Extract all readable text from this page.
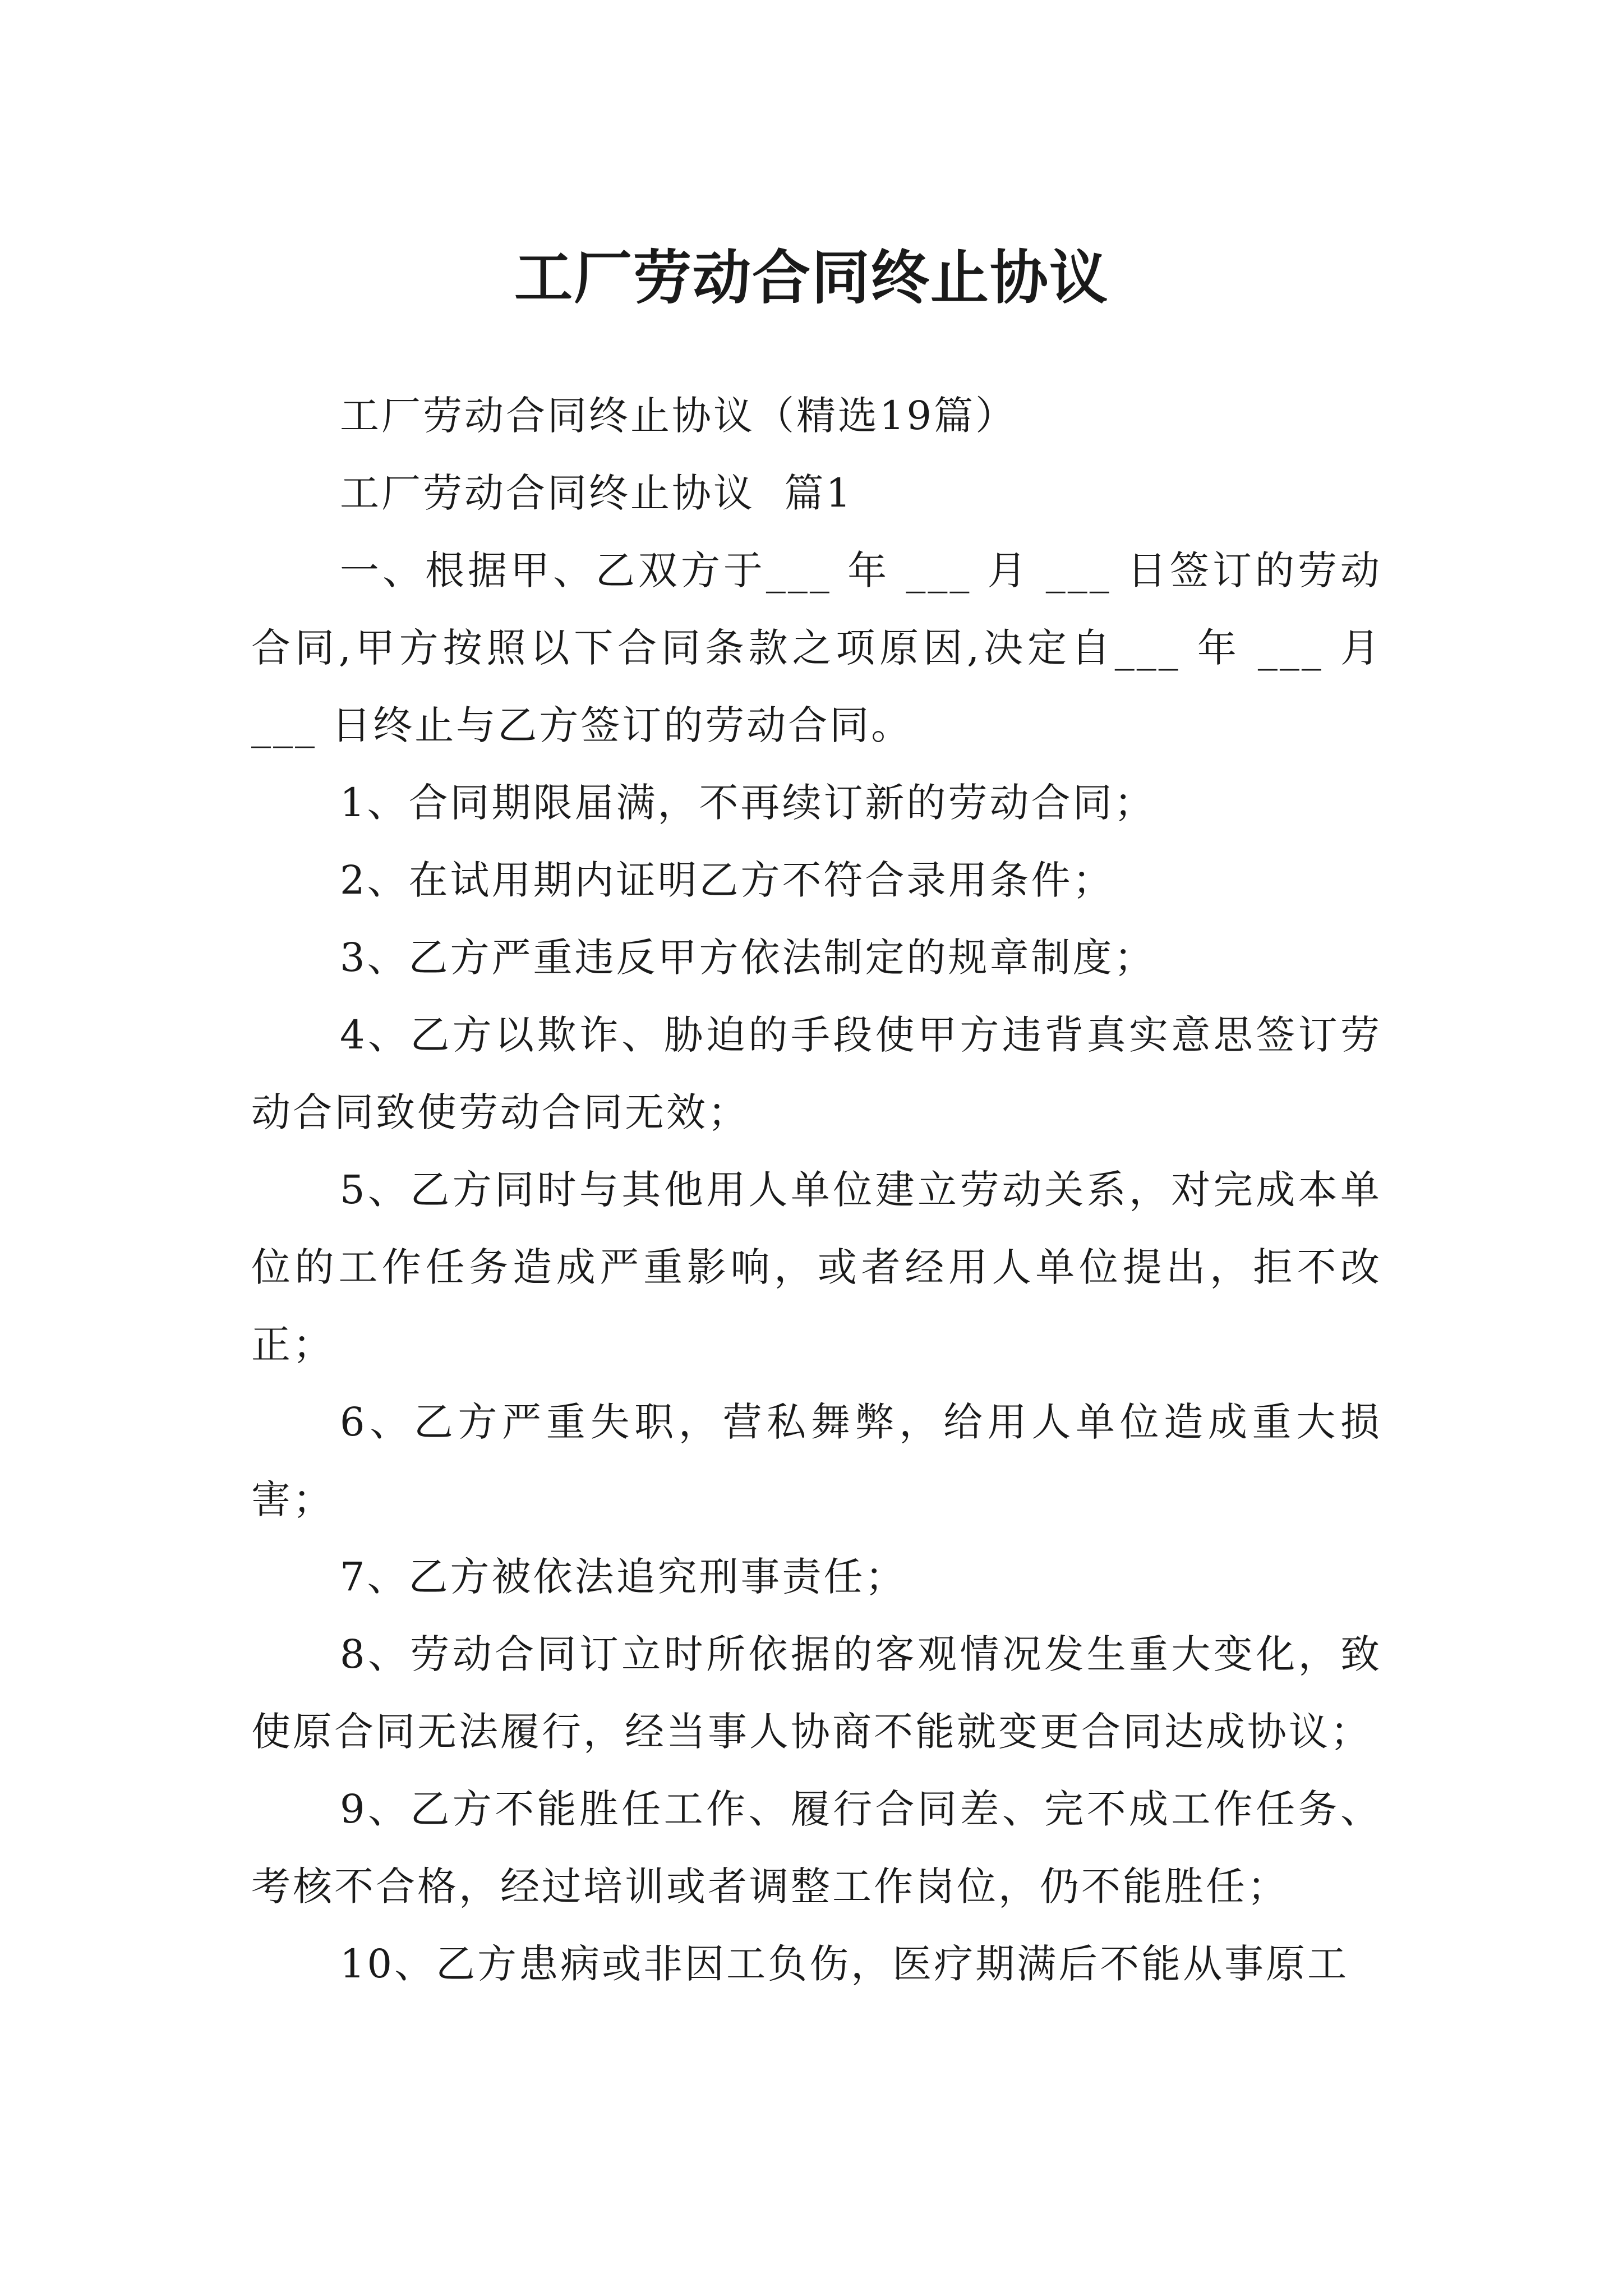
工厂劳动合同终止协议

工厂劳动合同终止协议（精选19篇）

工厂劳动合同终止协议  篇1

一、根据甲、乙双方于___ 年 ___ 月 ___ 日签订的劳动合同,甲方按照以下合同条款之项原因,决定自___ 年 ___ 月 ___ 日终止与乙方签订的劳动合同。

1、合同期限届满，不再续订新的劳动合同；

2、在试用期内证明乙方不符合录用条件；

3、乙方严重违反甲方依法制定的规章制度；

4、乙方以欺诈、胁迫的手段使甲方违背真实意思签订劳动合同致使劳动合同无效；

5、乙方同时与其他用人单位建立劳动关系，对完成本单位的工作任务造成严重影响，或者经用人单位提出，拒不改正；

6、乙方严重失职，营私舞弊，给用人单位造成重大损害；

7、乙方被依法追究刑事责任；

8、劳动合同订立时所依据的客观情况发生重大变化，致使原合同无法履行，经当事人协商不能就变更合同达成协议；

9、乙方不能胜任工作、履行合同差、完不成工作任务、考核不合格，经过培训或者调整工作岗位，仍不能胜任；

10、乙方患病或非因工负伤，医疗期满后不能从事原工
